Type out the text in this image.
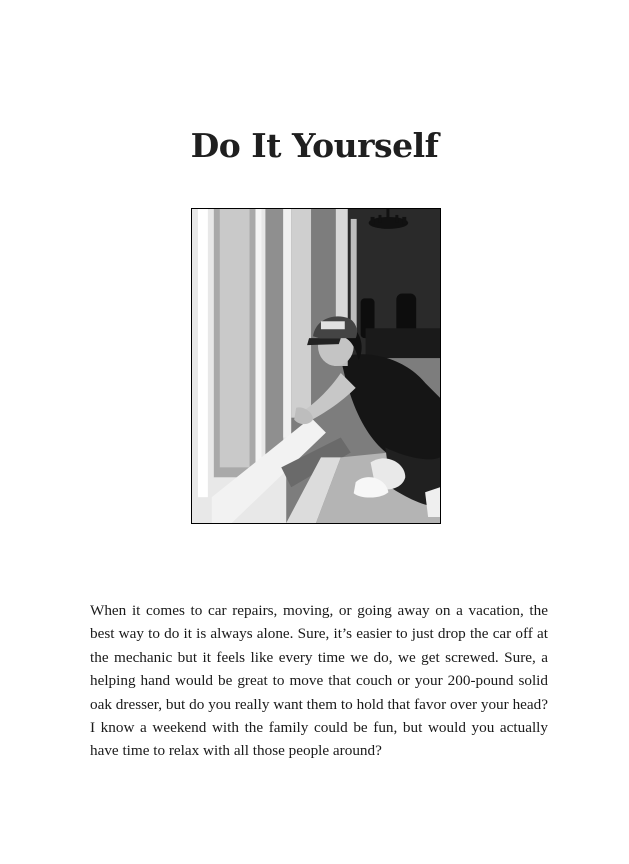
Do It Yourself

When it comes to car repairs, moving, or going away on a vacation, the best way to do it is always alone. Sure, it’s easier to just drop the car off at the mechanic but it feels like every time we do, we get screwed. Sure, a helping hand would be great to move that couch or your 200-pound solid oak dresser, but do you really want them to hold that favor over your head? I know a weekend with the family could be fun, but would you actually have time to relax with all those people around?
